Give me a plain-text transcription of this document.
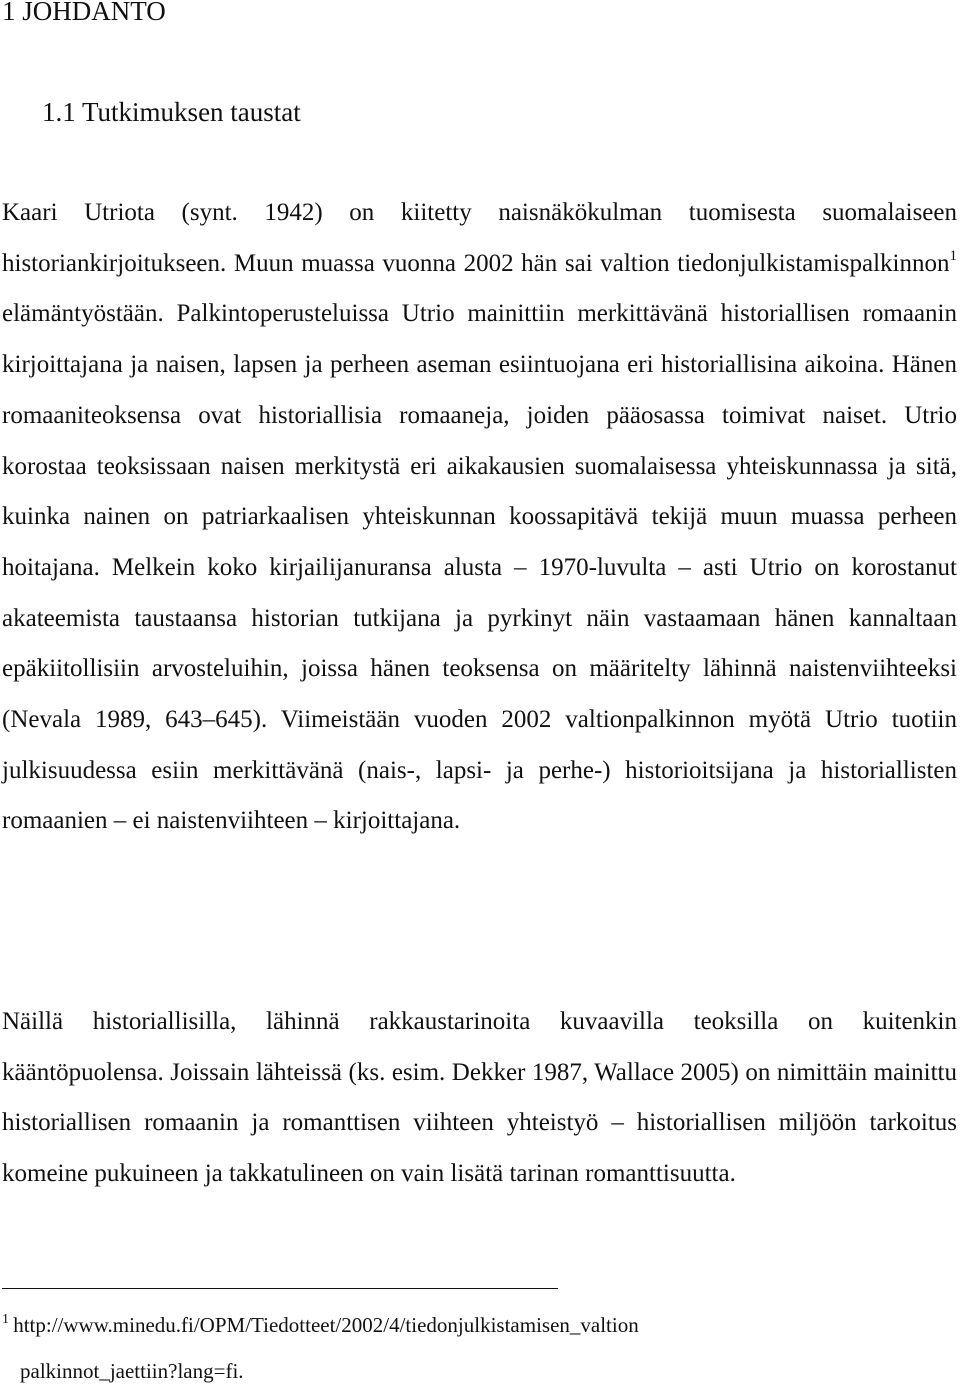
1 JOHDANTO
1.1 Tutkimuksen taustat

Kaari Utriota (synt. 1942) on kiitetty naisnäkökulman tuomisesta suomalaiseen historiankirjoitukseen. Muun muassa vuonna 2002 hän sai valtion tiedonjulkistamispalkinnon$^1$ elämäntyöstään. Palkintoperusteluissa Utrio mainittiin merkittävänä historiallisen romaanin kirjoittajana ja naisen, lapsen ja perheen aseman esiintuojana eri historiallisina aikoina. Hänen romaaniteoksensa ovat historiallisia romaaneja, joiden pääosassa toimivat naiset. Utrio korostaa teoksissaan naisen merkitystä eri aikakausien suomalaisessa yhteiskunnassa ja sitä, kuinka nainen on patriarkaalisen yhteiskunnan koossapitävä tekijä muun muassa perheen hoitajana. Melkein koko kirjailijanuransa alusta – 1970-luvulta – asti Utrio on korostanut akateemista taustaansa historian tutkijana ja pyrkinyt näin vastaamaan hänen kannaltaan epäkiitollisiin arvosteluihin, joissa hänen teoksensa on määritelty lähinnä naistenviihteeksi (Nevala 1989, 643–645). Viimeistään vuoden 2002 valtionpalkinnon myötä Utrio tuotiin julkisuudessa esiin merkittävänä (nais-, lapsi- ja perhe-) historioitsijana ja historiallisten romaanien – ei naistenviihteen – kirjoittajana.

Näillä historiallisilla, lähinnä rakkaustarinoita kuvaavilla teoksilla on kuitenkin kääntöpuolensa. Joissain lähteissä (ks. esim. Dekker 1987, Wallace 2005) on nimittäin mainittu historiallisen romaanin ja romanttisen viihteen yhteistyö – historiallisen miljöön tarkoitus komeine pukuineen ja takkatulineen on vain lisätä tarinan romanttisuutta.

$^1$  http://www.minedu.fi/OPM/Tiedotteet/2002/4/tiedonjulkistamisen_valtion
palkinnot_jaettiin?lang=fi.
